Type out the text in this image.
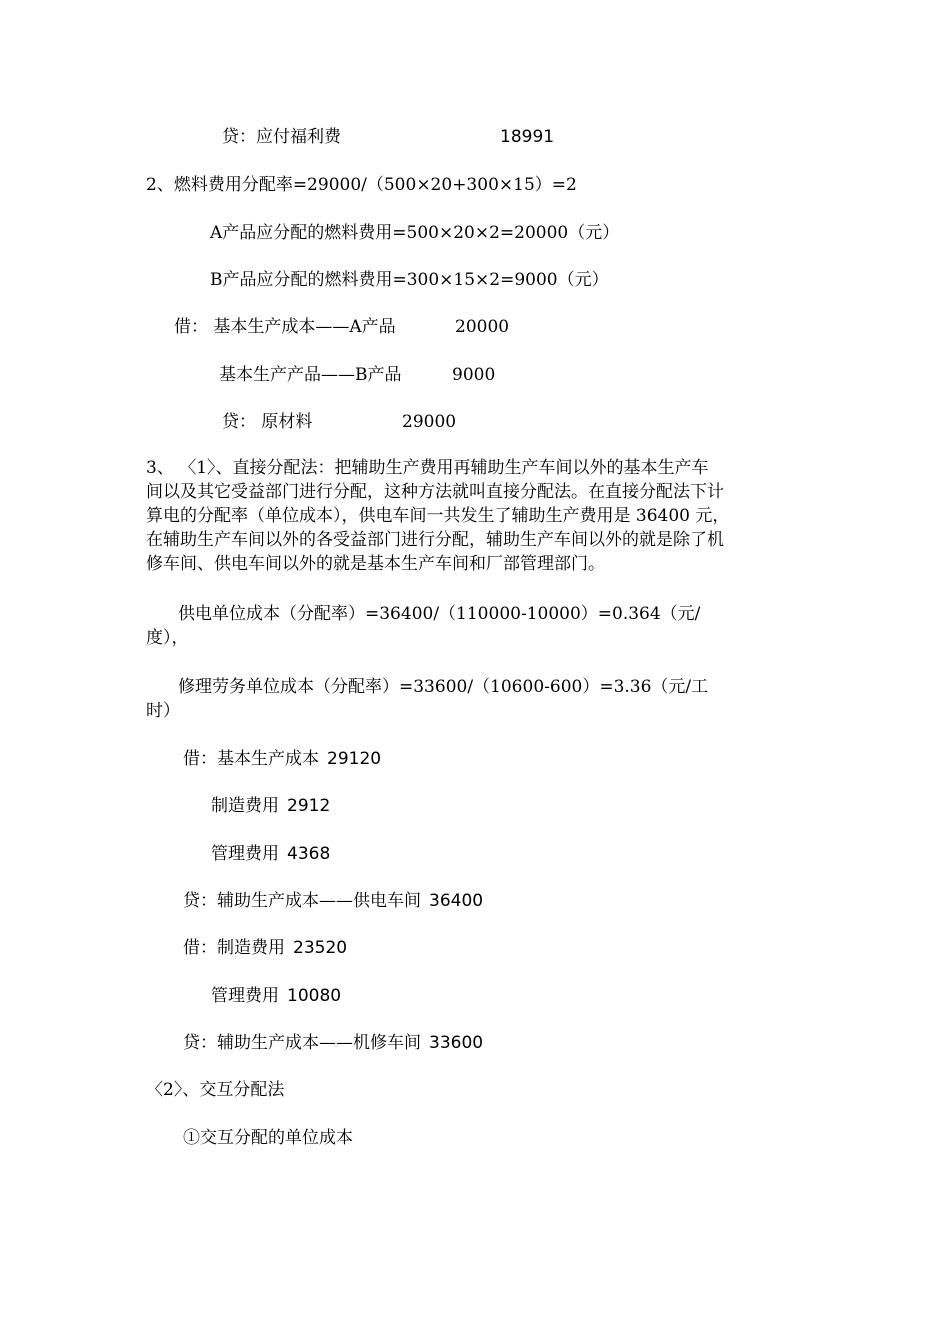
贷：应付福利费	18991
2、燃料费用分配率=29000/（500×20+300×15）=2
A产品应分配的燃料费用=500×20×2=20000（元）
B产品应分配的燃料费用=300×15×2=9000（元）
借： 基本生产成本——A产品	20000
基本生产产品——B产品	9000
贷： 原材料	29000
3、 〈1〉、直接分配法：把辅助生产费用再辅助生产车间以外的基本生产车
间以及其它受益部门进行分配，这种方法就叫直接分配法。在直接分配法下计
算电的分配率（单位成本），供电车间一共发生了辅助生产费用是 36400 元，
在辅助生产车间以外的各受益部门进行分配，辅助生产车间以外的就是除了机
修车间、供电车间以外的就是基本生产车间和厂部管理部门。
供电单位成本（分配率）=36400/（110000-10000）=0.364（元/
度），
修理劳务单位成本（分配率）=33600/（10600-600）=3.36（元/工
时）
借：基本生产成本 29120
制造费用 2912
管理费用 4368
贷：辅助生产成本——供电车间 36400
借：制造费用 23520
管理费用 10080
贷：辅助生产成本——机修车间 33600
〈2〉、交互分配法
①交互分配的单位成本
